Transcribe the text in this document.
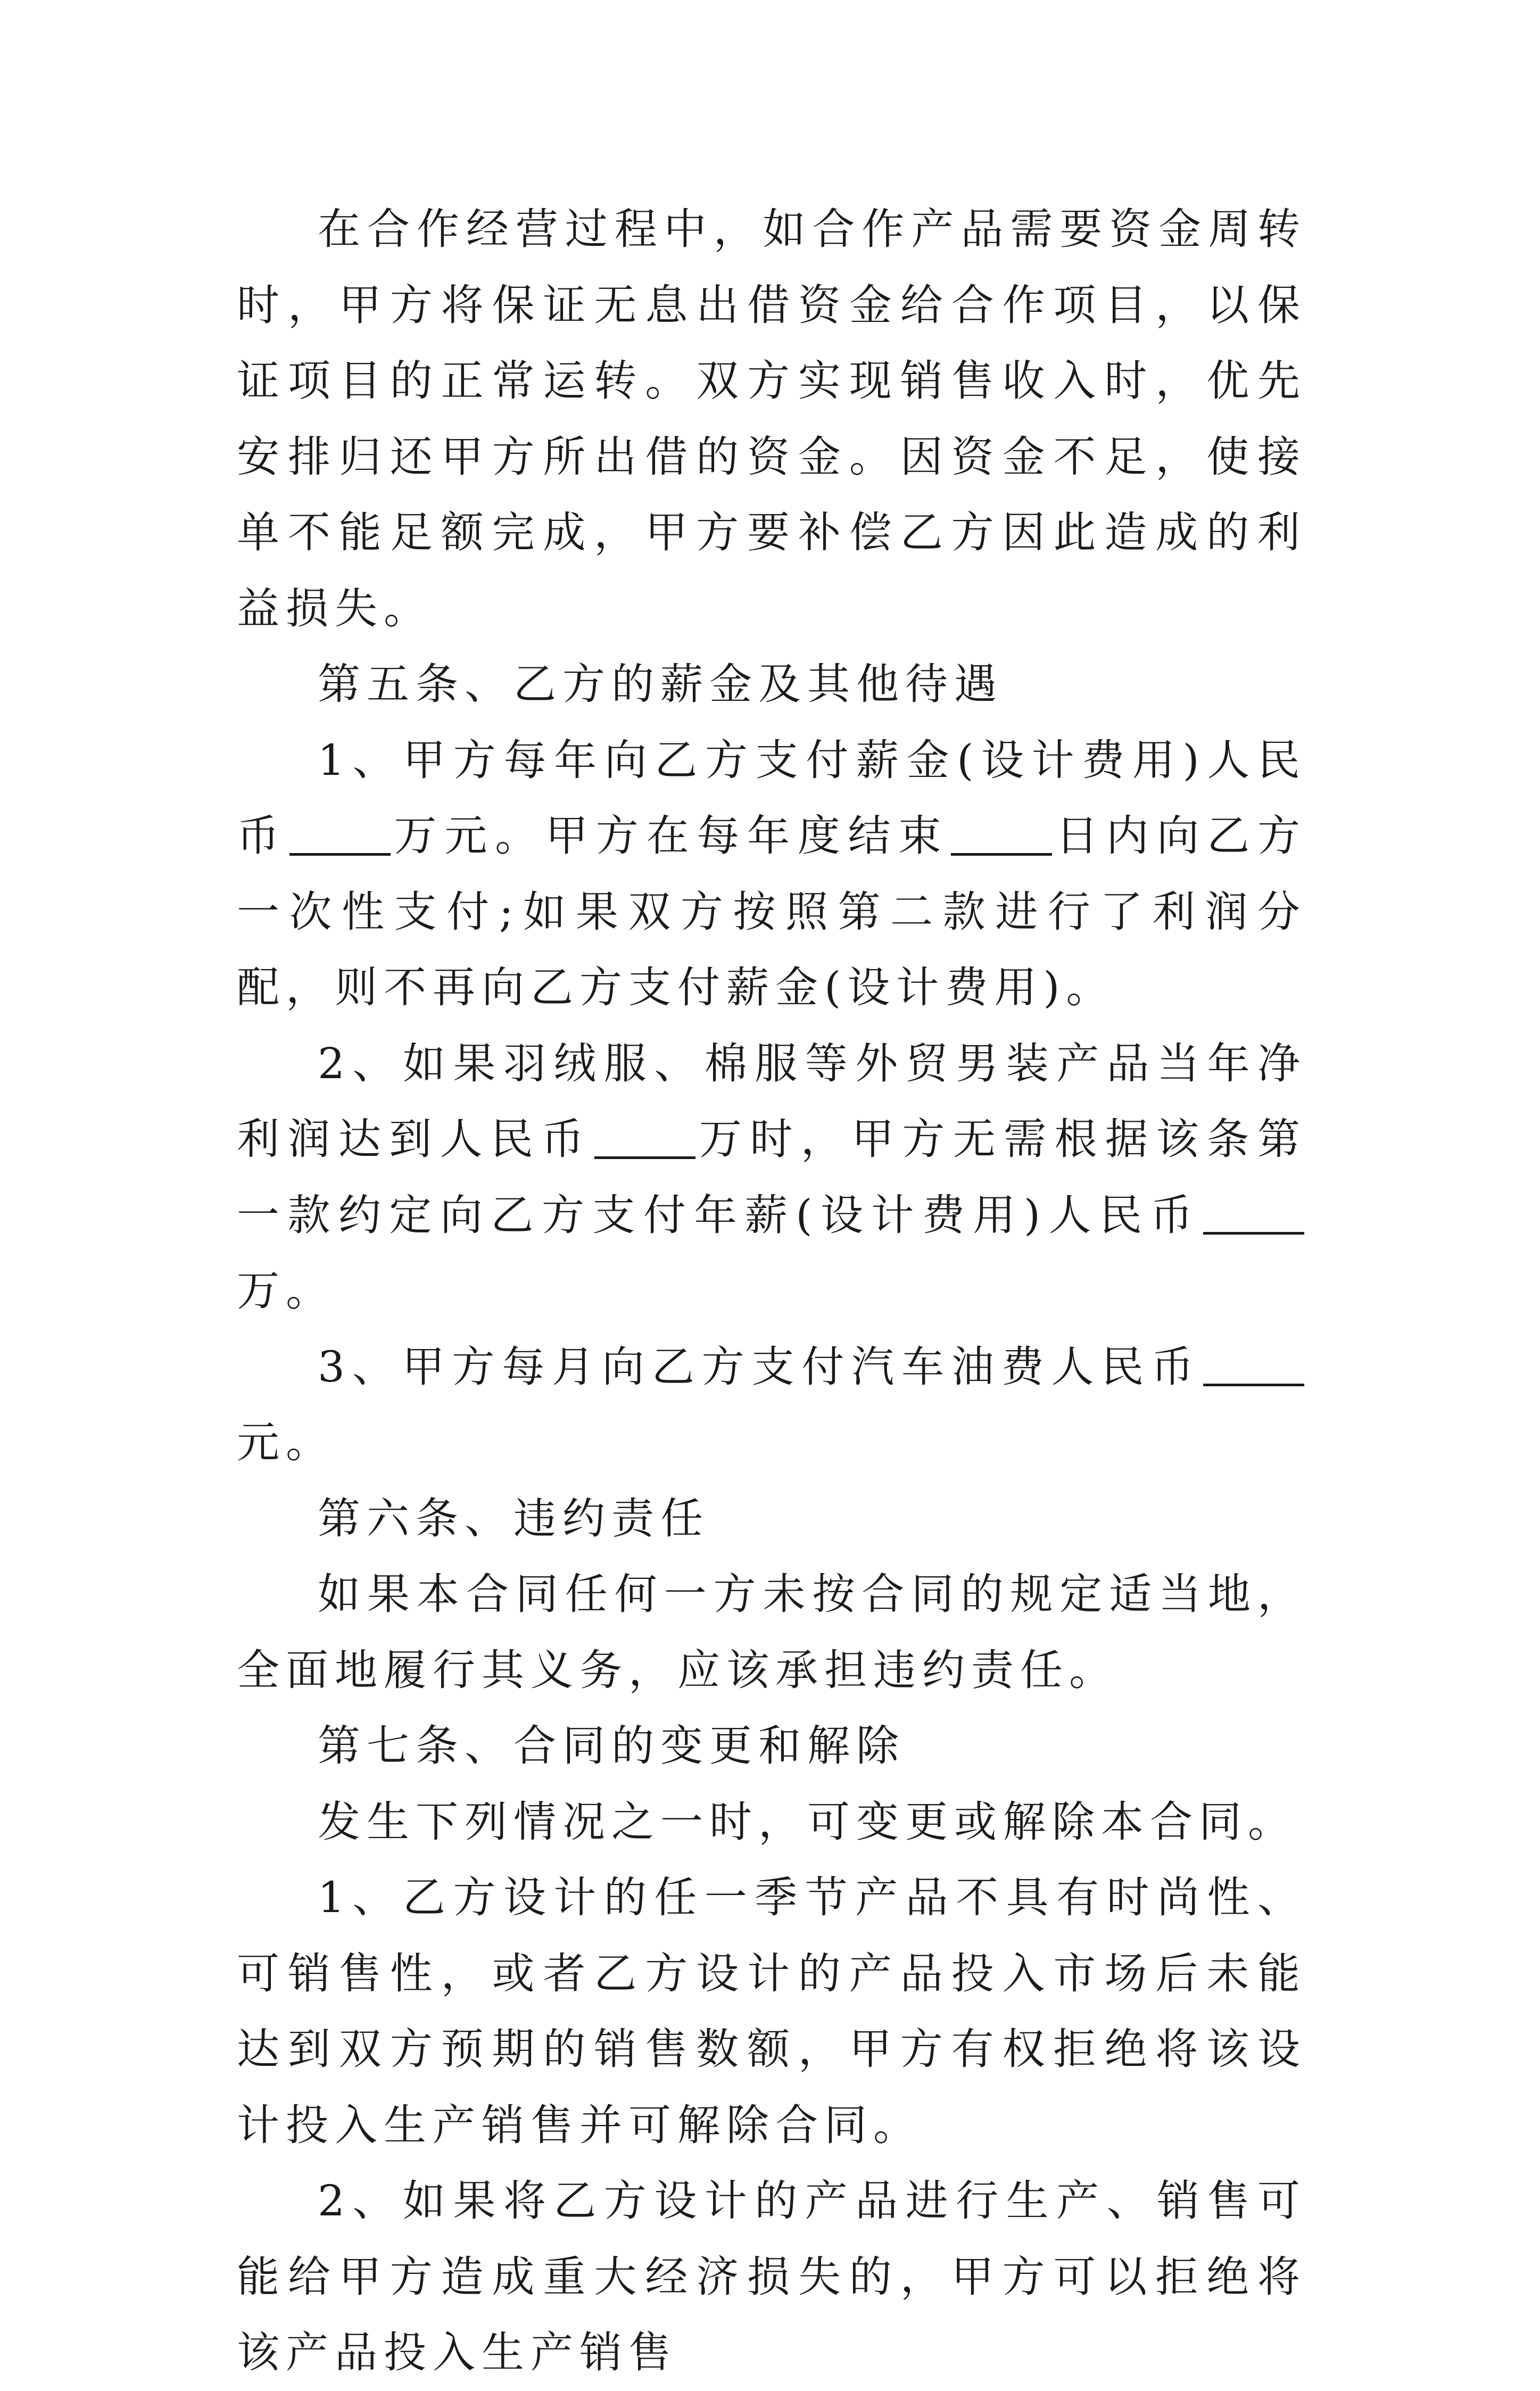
在合作经营过程中，如合作产品需要资金周转时，甲方将保证无息出借资金给合作项目，以保证项目的正常运转。双方实现销售收入时，优先安排归还甲方所出借的资金。因资金不足，使接单不能足额完成，甲方要补偿乙方因此造成的利益损失。

第五条、乙方的薪金及其他待遇

1、甲方每年向乙方支付薪金(设计费用)人民币 万元。甲方在每年度结束 日内向乙方一次性支付;如果双方按照第二款进行了利润分配，则不再向乙方支付薪金(设计费用)。

2、如果羽绒服、棉服等外贸男装产品当年净利润达到人民币 万时，甲方无需根据该条第一款约定向乙方支付年薪(设计费用)人民币万。

3、甲方每月向乙方支付汽车油费人民币元。

第六条、违约责任

如果本合同任何一方未按合同的规定适当地，全面地履行其义务，应该承担违约责任。

第七条、合同的变更和解除

发生下列情况之一时，可变更或解除本合同。

1、乙方设计的任一季节产品不具有时尚性、可销售性，或者乙方设计的产品投入市场后未能达到双方预期的销售数额，甲方有权拒绝将该设计投入生产销售并可解除合同。

2、如果将乙方设计的产品进行生产、销售可能给甲方造成重大经济损失的，甲方可以拒绝将该产品投入生产销售
